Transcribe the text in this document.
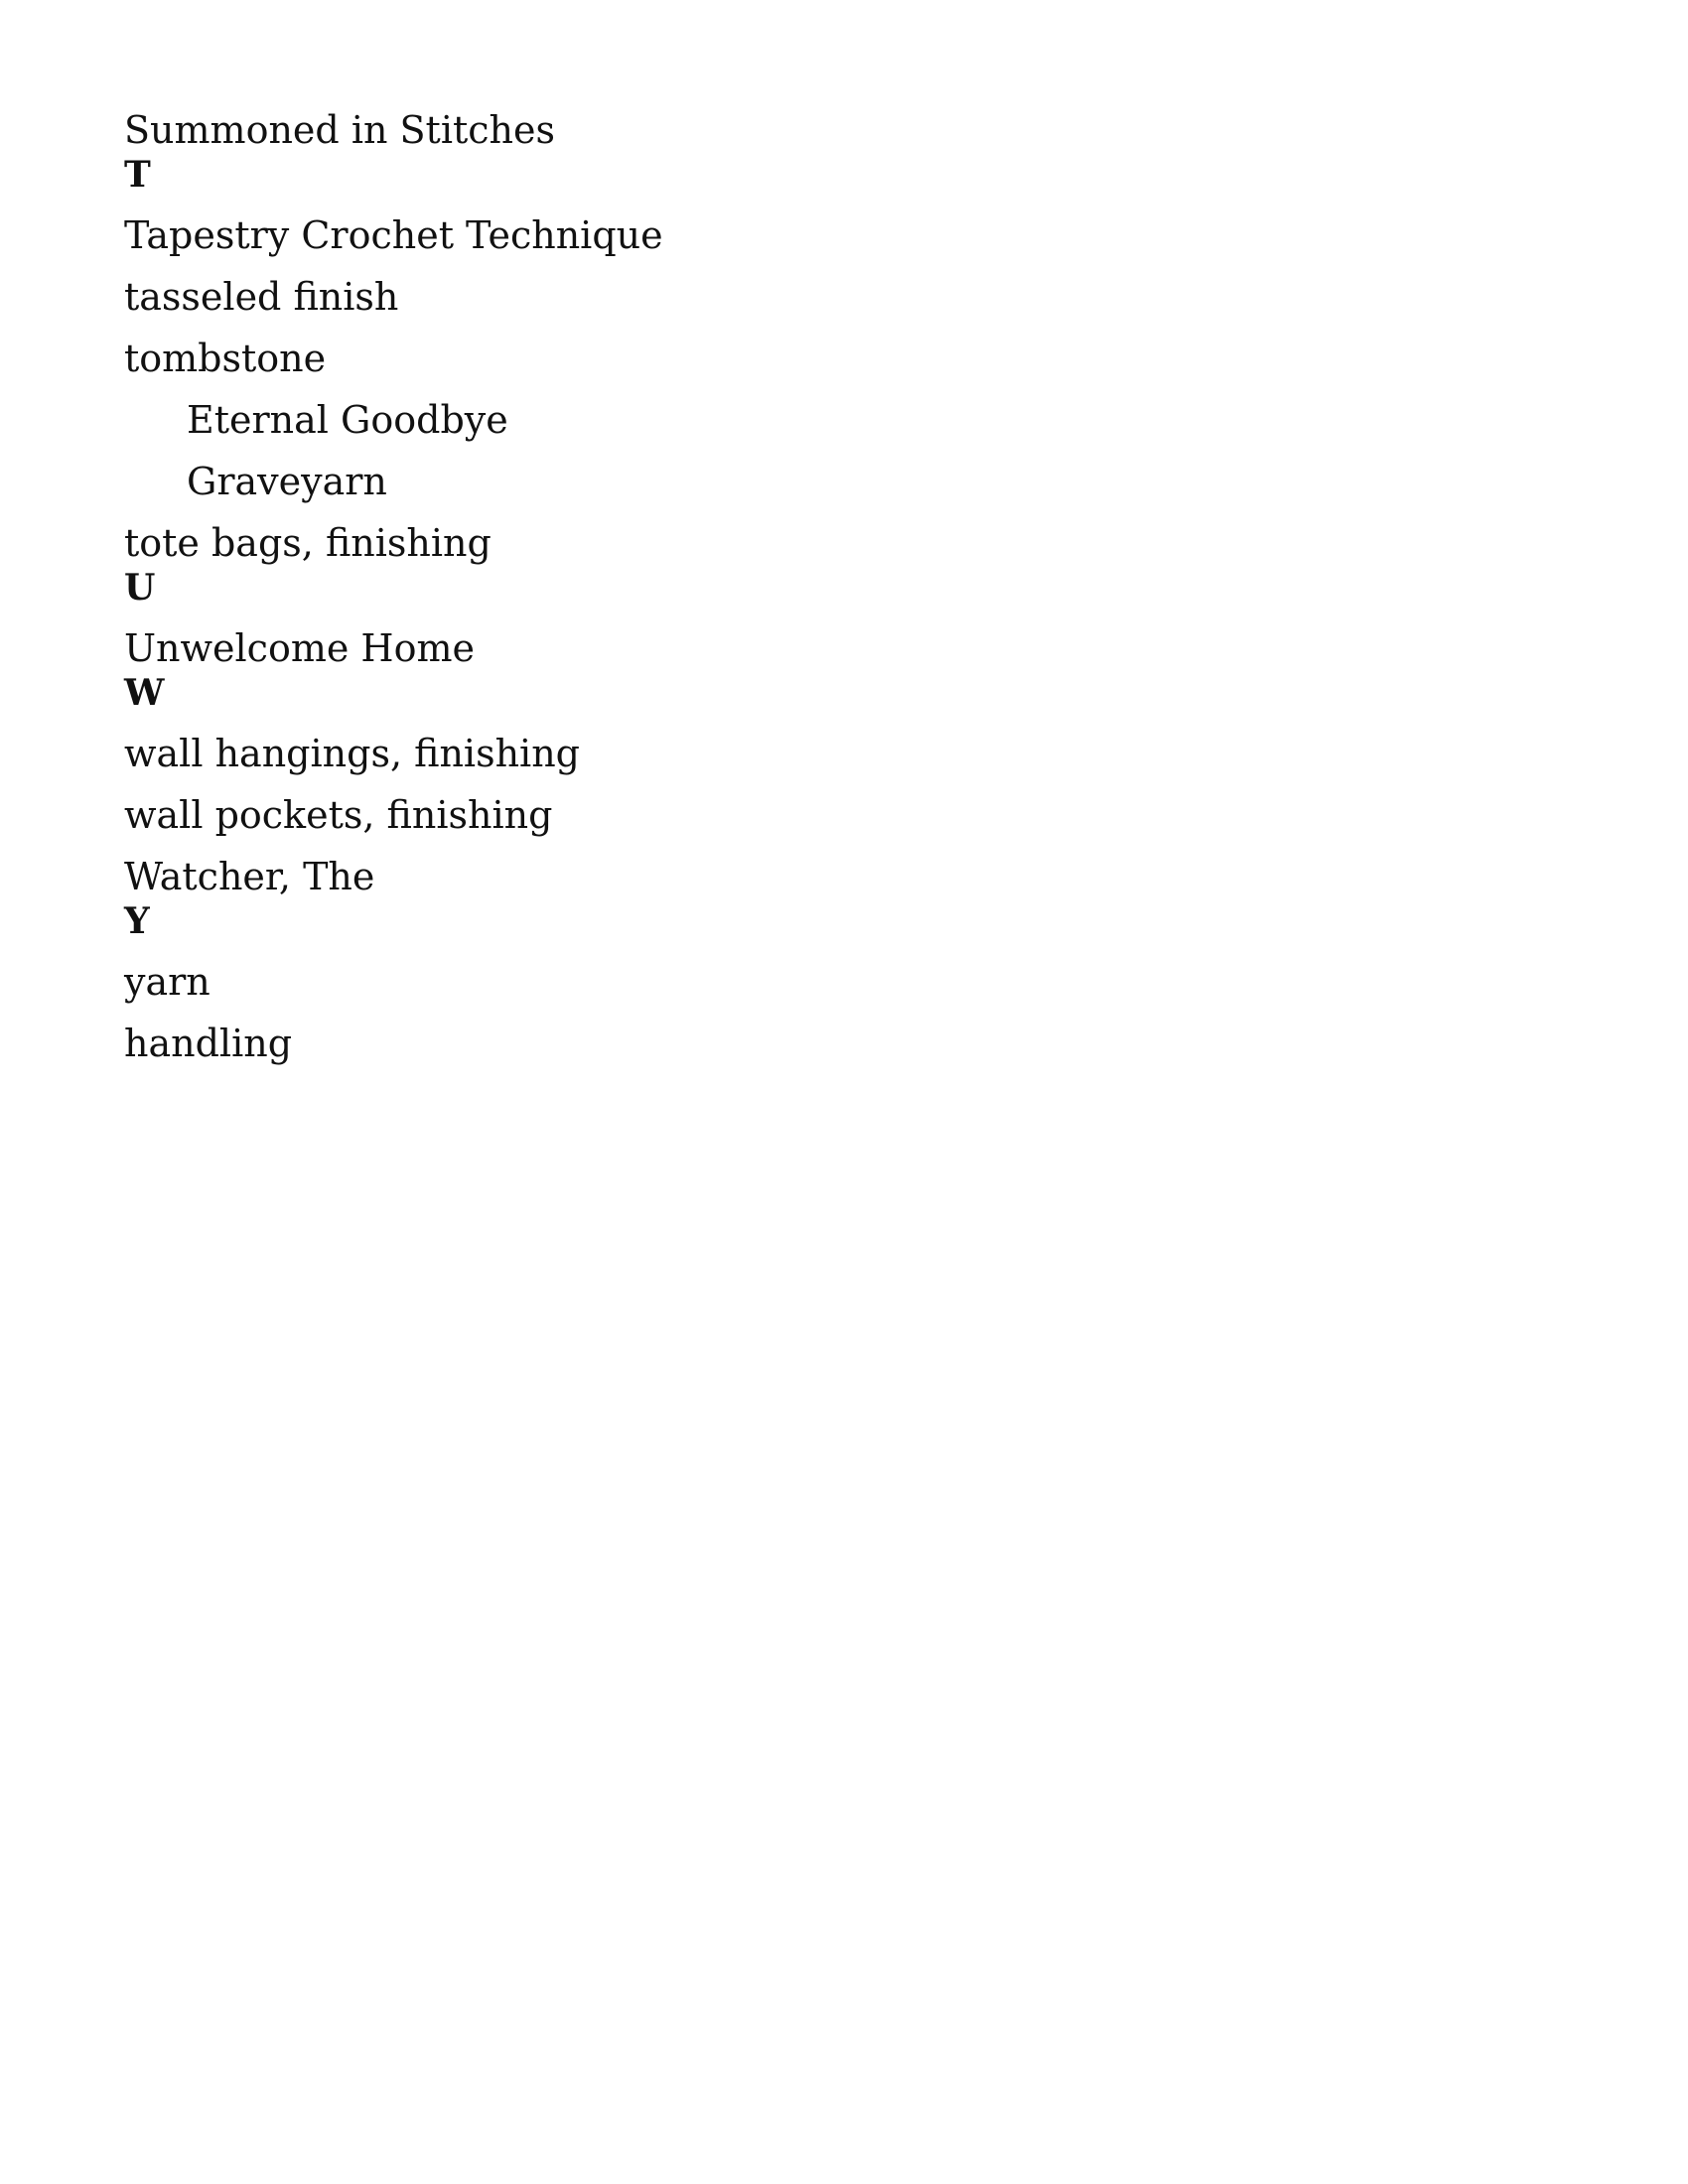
Summoned in Stitches

T

Tapestry Crochet Technique

tasseled finish

tombstone

Eternal Goodbye

Graveyarn

tote bags, finishing

U

Unwelcome Home

W

wall hangings, finishing

wall pockets, finishing

Watcher, The

Y

yarn

handling
